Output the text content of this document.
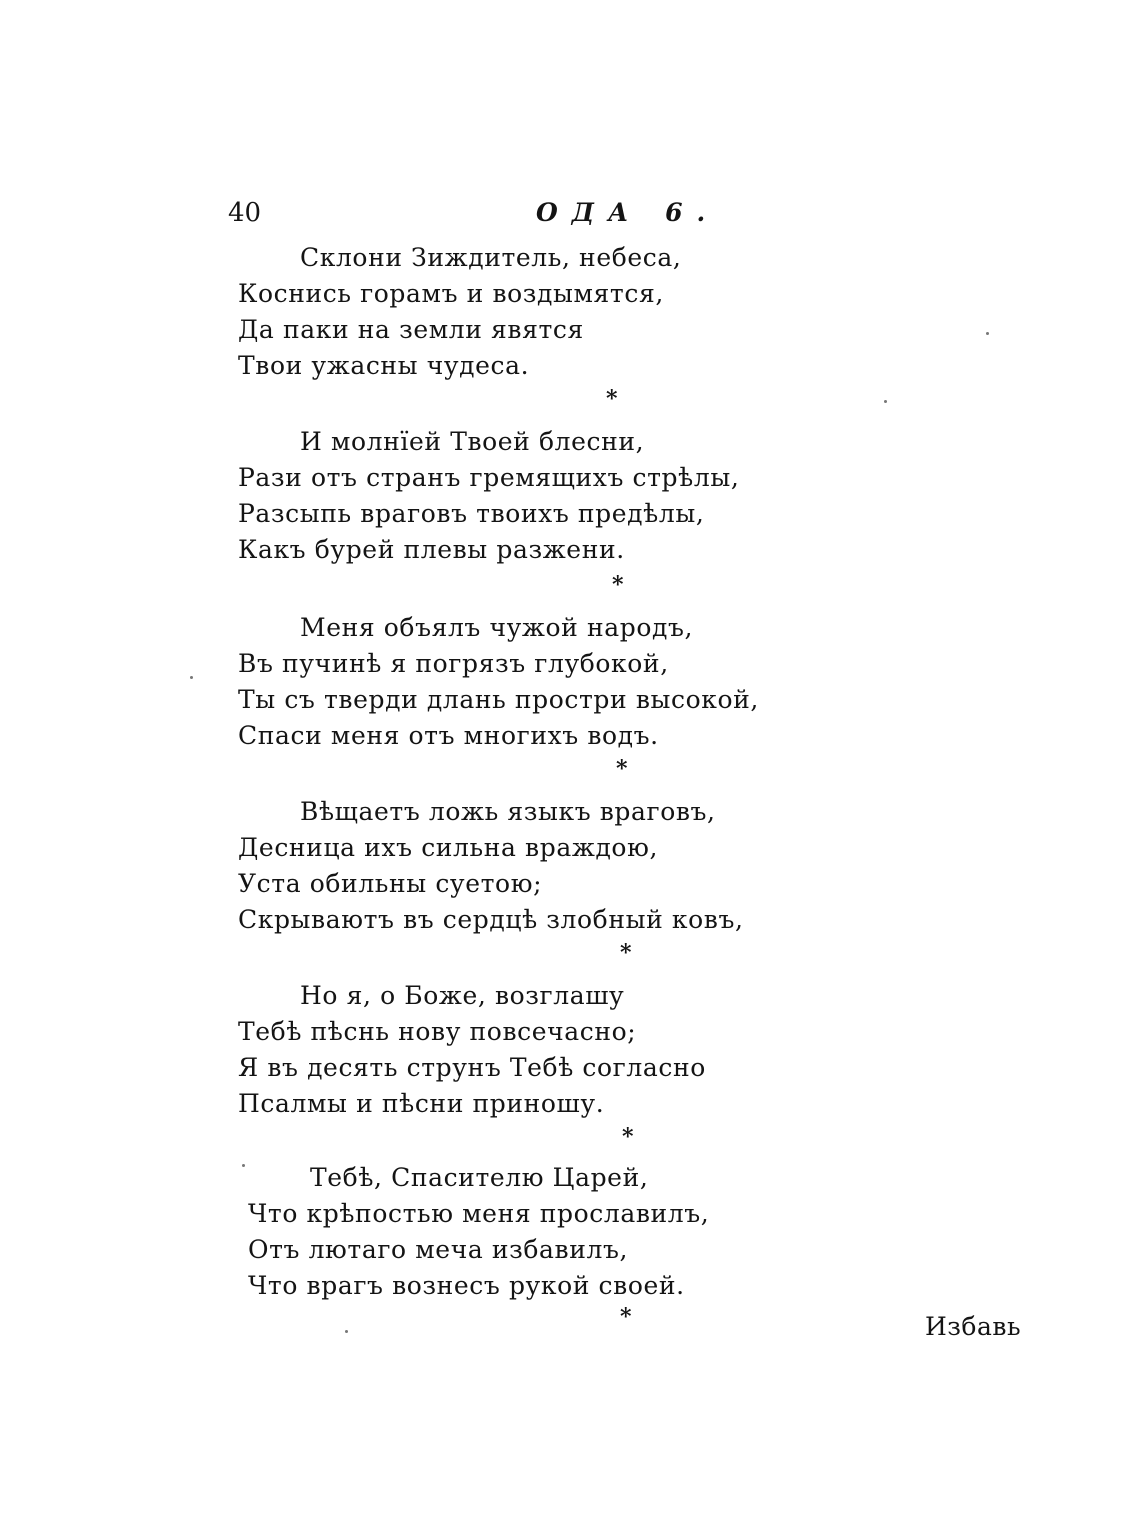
40	ОДА 6.
Склони Зиждитель, небеса,
Коснись горамъ и воздымятся,
Да паки на земли явятся
Твои ужасны чудеса.
*
И молнїей Твоей блесни,
Рази отъ странъ гремящихъ стрѣлы,
Разсыпь враговъ твоихъ предѣлы,
Какъ бурей плевы разжени.
*
Меня объялъ чужой народъ,
Въ пучинѣ я погрязъ глубокой,
Ты съ тверди длань простри высокой,
Спаси меня отъ многихъ водъ.
*
Вѣщаетъ ложь языкъ враговъ,
Десница ихъ сильна враждою,
Уста обильны суетою;
Скрываютъ въ сердцѣ злобный ковъ,
*
Но я, о Боже, возглашу
Тебѣ пѣснь нову повсечасно;
Я въ десять струнъ Тебѣ согласно
Псалмы и пѣсни приношу.
*
Тебѣ, Спасителю Царей,
Что крѣпостью меня прославилъ,
Отъ лютаго меча избавилъ,
Что врагъ вознесъ рукой своей.
*	Избавь
